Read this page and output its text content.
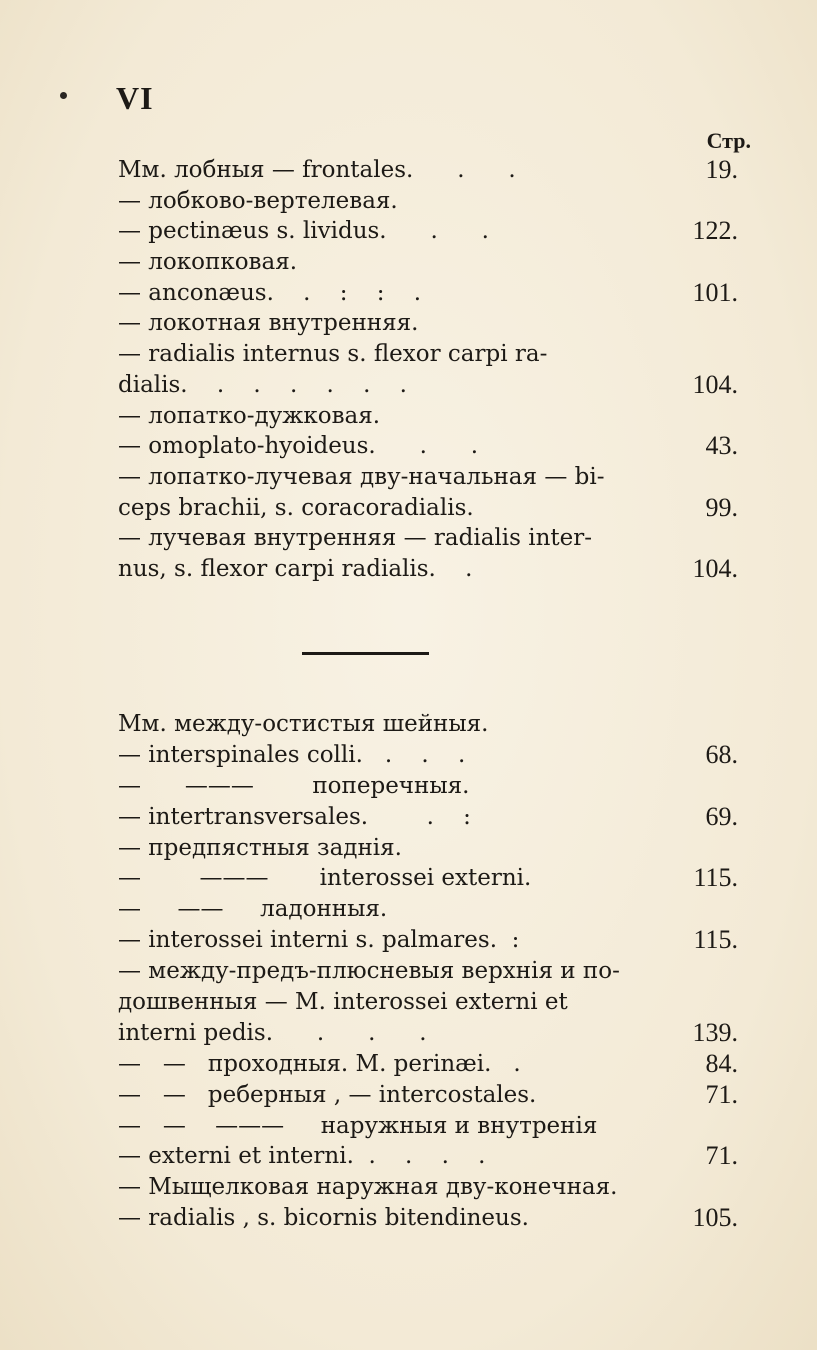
VI
Стр.
Мм. лобныя — frontales.      .      .	19.
— лобково-вертелевая.
— pectinæus s. lividus.      .      .	122.
— локопковая.
— anconæus.    .    :    :    .	101.
— локотная внутренняя.
— radialis internus s. flexor carpi ra-
dialis.    .    .    .    .    .    .	104.
— лопатко-дужковая.
— omoplato-hyoideus.      .      .	43.
— лопатко-лучевая дву-начальная — bi-
ceps brachii, s. coracoradialis.	99.
— лучевая внутренняя — radialis inter-
nus, s. flexor carpi radialis.    .	104.
Мм. между-остистыя шейныя.
— interspinales colli.   .    .    .	68.
—      ———        поперечныя.
— intertransversales.        .    :	69.
— предпястныя заднія.
—        ———       interossei externi.	115.
—     ——     ладонныя.
— interossei interni s. palmares.  :	115.
— между-предъ-плюсневыя верхнія и по-
дошвенныя — M. interossei externi et
interni pedis.      .      .      .	139.
—   —   проходныя. M. perinæi.   .	84.
—   —   реберныя , — intercostales.	71.
—   —    ———     наружныя и внутренія
— externi et interni.  .    .    .    .	71.
— Мыщелковая наружная дву-конечная.
— radialis , s. bicornis bitendineus.	105.
